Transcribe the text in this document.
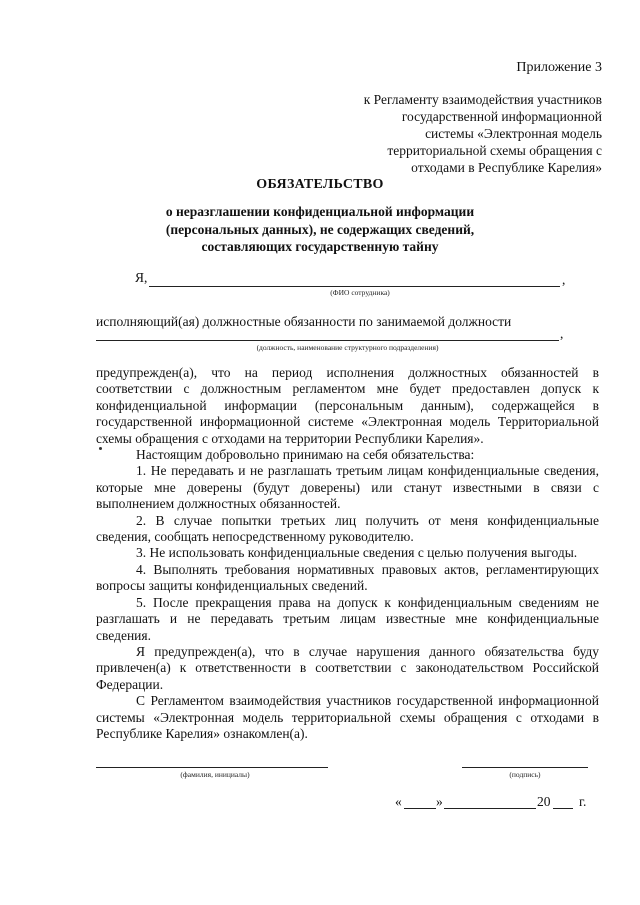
Приложение 3
к Регламенту взаимодействия участников
государственной информационной
системы «Электронная модель
территориальной схемы обращения с
отходами в Республике Карелия»
ОБЯЗАТЕЛЬСТВО
о неразглашении конфиденциальной информации
(персональных данных), не содержащих сведений,
составляющих государственную тайну
Я,	,
(ФИО сотрудника)
исполняющий(ая) должностные обязанности по занимаемой должности
,
(должность, наименование структурного подразделения)

предупрежден(а), что на период исполнения должностных обязанностей в соответствии с должностным регламентом мне будет предоставлен допуск к конфиденциальной информации (персональным данным), содержащейся в государственной информационной системе «Электронная модель Территориальной схемы обращения с отходами на территории Республики Карелия».

Настоящим добровольно принимаю на себя обязательства:

1. Не передавать и не разглашать третьим лицам конфиденциальные сведения, которые мне доверены (будут доверены) или станут известными в связи с выполнением должностных обязанностей.

2. В случае попытки третьих лиц получить от меня конфиденциальные сведения, сообщать непосредственному руководителю.

3. Не использовать конфиденциальные сведения с целью получения выгоды.

4. Выполнять требования нормативных правовых актов, регламентирующих вопросы защиты конфиденциальных сведений.

5. После прекращения права на допуск к конфиденциальным сведениям не разглашать и не передавать третьим лицам известные мне конфиденциальные сведения.

Я предупрежден(а), что в случае нарушения данного обязательства буду привлечен(а) к ответственности в соответствии с законодательством Российской Федерации.

С Регламентом взаимодействия участников государственной информационной системы «Электронная модель территориальной схемы обращения с отходами в Республике Карелия» ознакомлен(а).

(фамилия, инициалы)	(подпись)
«	»	20 г.
